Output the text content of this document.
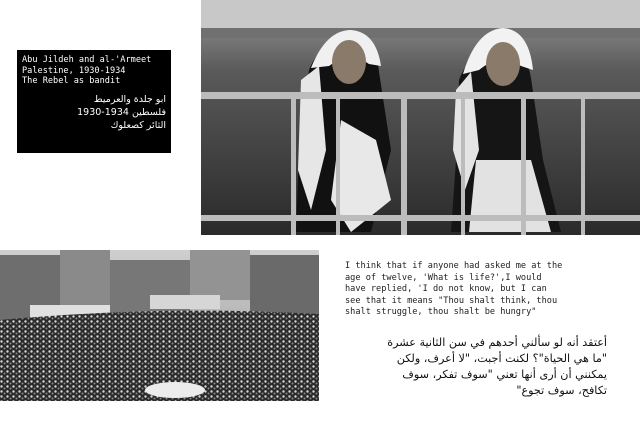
Abu Jildeh and al-'Armeet
Palestine, 1930-1934
The Rebel as bandit
ابو جلدة والعرميط
فلسطين 1934-1930
الثائر كصعلوك
I think that if anyone had asked me at the
age of twelve, 'What is life?',I would
have replied, 'I do not know, but I can
see that it means "Thou shalt think, thou
shalt struggle, thou shalt be hungry"
أعتقد أنه لو سألني أحدهم في سن الثانية عشرة
"ما هي الحياة"؟ لكنت أجبت، "لا أعرف، ولكن
يمكنني أن أرى أنها تعني "سوف تفكر، سوف
تكافح، سوف تجوع"
